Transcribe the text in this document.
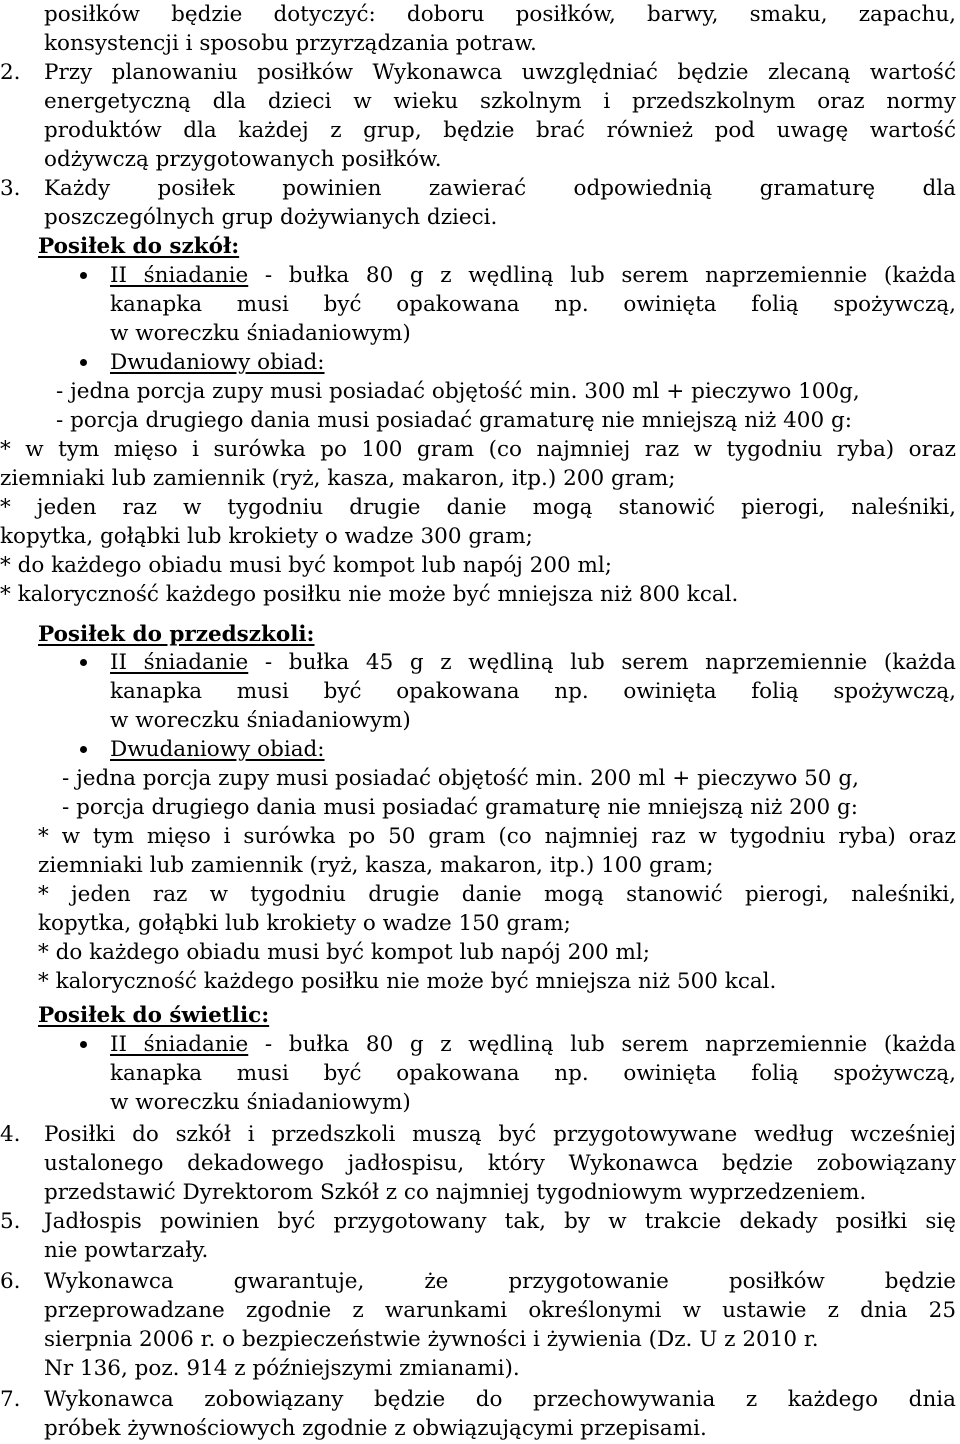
posiłków będzie dotyczyć: doboru posiłków, barwy, smaku, zapachu,
konsystencji i sposobu przyrządzania potraw.
2. Przy planowaniu posiłków Wykonawca uwzględniać będzie zlecaną wartość
energetyczną dla dzieci w wieku szkolnym i przedszkolnym oraz normy
produktów dla każdej z grup, będzie brać również pod uwagę wartość
odżywczą przygotowanych posiłków.
3. Każdy posiłek powinien zawierać odpowiednią gramaturę dla
poszczególnych grup dożywianych dzieci.
Posiłek do szkół:
II śniadanie - bułka 80 g z wędliną lub serem naprzemiennie (każda
kanapka musi być opakowana np. owinięta folią spożywczą,
w woreczku śniadaniowym)
Dwudaniowy obiad:
- jedna porcja zupy musi posiadać objętość min. 300 ml + pieczywo 100g,
- porcja drugiego dania musi posiadać gramaturę nie mniejszą niż 400 g:
* w tym mięso i surówka po 100 gram (co najmniej raz w tygodniu ryba) oraz
ziemniaki lub zamiennik (ryż, kasza, makaron, itp.) 200 gram;
* jeden raz w tygodniu drugie danie mogą stanowić pierogi, naleśniki,
kopytka, gołąbki lub krokiety o wadze 300 gram;
* do każdego obiadu musi być kompot lub napój 200 ml;
* kaloryczność każdego posiłku nie może być mniejsza niż 800 kcal.
Posiłek do przedszkoli:
II śniadanie - bułka 45 g z wędliną lub serem naprzemiennie (każda
kanapka musi być opakowana np. owinięta folią spożywczą,
w woreczku śniadaniowym)
Dwudaniowy obiad:
- jedna porcja zupy musi posiadać objętość min. 200 ml + pieczywo 50 g,
- porcja drugiego dania musi posiadać gramaturę nie mniejszą niż 200 g:
* w tym mięso i surówka po 50 gram (co najmniej raz w tygodniu ryba) oraz
ziemniaki lub zamiennik (ryż, kasza, makaron, itp.) 100 gram;
* jeden raz w tygodniu drugie danie mogą stanowić pierogi, naleśniki,
kopytka, gołąbki lub krokiety o wadze 150 gram;
* do każdego obiadu musi być kompot lub napój 200 ml;
* kaloryczność każdego posiłku nie może być mniejsza niż 500 kcal.
Posiłek do świetlic:
II śniadanie - bułka 80 g z wędliną lub serem naprzemiennie (każda
kanapka musi być opakowana np. owinięta folią spożywczą,
w woreczku śniadaniowym)
4. Posiłki do szkół i przedszkoli muszą być przygotowywane według wcześniej
ustalonego dekadowego jadłospisu, który Wykonawca będzie zobowiązany
przedstawić Dyrektorom Szkół z co najmniej tygodniowym wyprzedzeniem.
5. Jadłospis powinien być przygotowany tak, by w trakcie dekady posiłki się
nie powtarzały.
6. Wykonawca gwarantuje, że przygotowanie posiłków będzie
przeprowadzane zgodnie z warunkami określonymi w ustawie z dnia 25
sierpnia 2006 r. o bezpieczeństwie żywności i żywienia (Dz. U z 2010 r.
Nr 136, poz. 914 z późniejszymi zmianami).
7. Wykonawca zobowiązany będzie do przechowywania z każdego dnia
próbek żywnościowych zgodnie z obwiązującymi przepisami.
